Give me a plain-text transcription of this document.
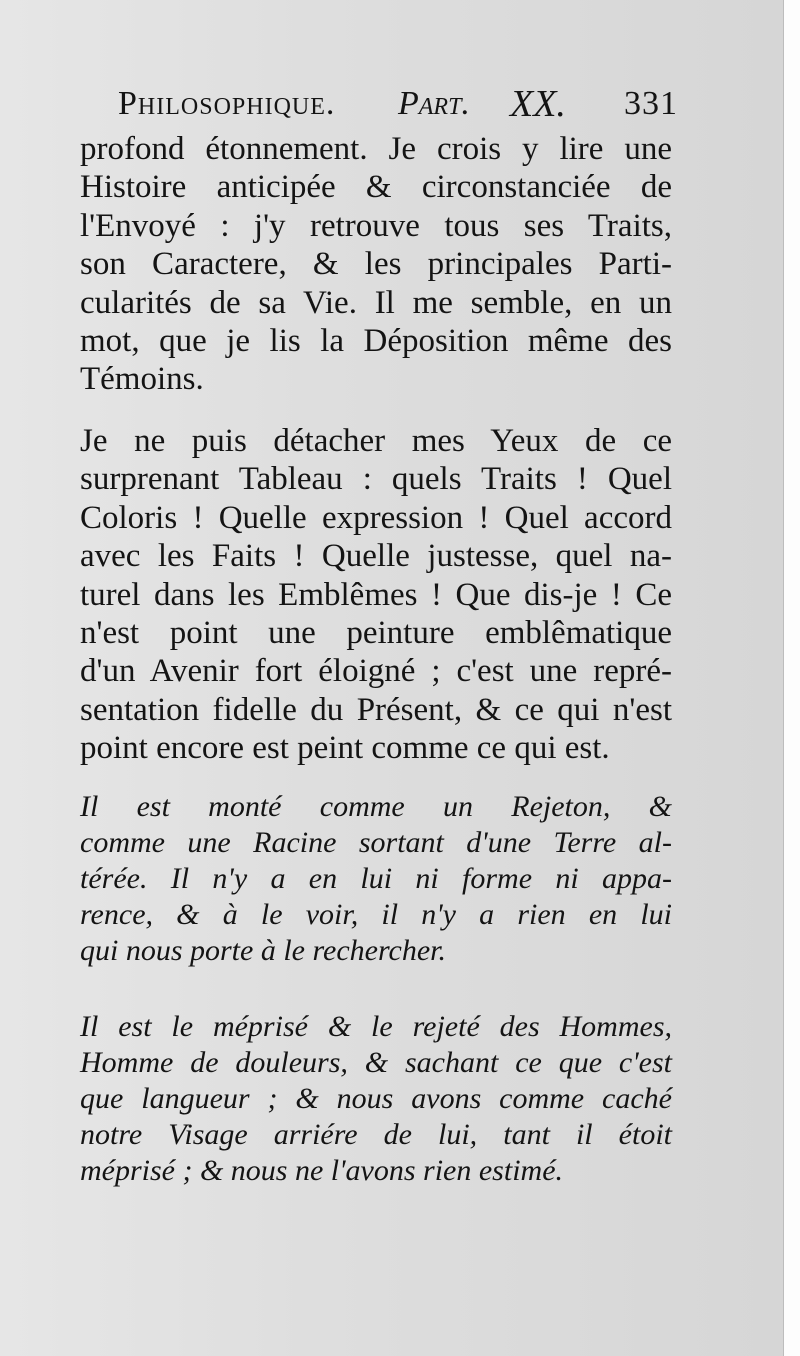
Philosophique. Part. XX. 331
profond étonnement. Je crois y lire une
Histoire anticipée & circonstanciée de
l'Envoyé : j'y retrouve tous ses Traits,
son Caractere, & les principales Parti-
cularités de sa Vie. Il me semble, en un
mot, que je lis la Déposition même des
Témoins.
Je ne puis détacher mes Yeux de ce
surprenant Tableau : quels Traits ! Quel
Coloris ! Quelle expression ! Quel accord
avec les Faits ! Quelle justesse, quel na-
turel dans les Emblêmes ! Que dis-je ! Ce
n'est point une peinture emblêmatique
d'un Avenir fort éloigné ; c'est une repré-
sentation fidelle du Présent, & ce qui n'est
point encore est peint comme ce qui est.
Il est monté comme un Rejeton, &
comme une Racine sortant d'une Terre al-
térée. Il n'y a en lui ni forme ni appa-
rence, & à le voir, il n'y a rien en lui
qui nous porte à le rechercher.
Il est le méprisé & le rejeté des Hommes,
Homme de douleurs, & sachant ce que c'est
que langueur ; & nous avons comme caché
notre Visage arriére de lui, tant il étoit
méprisé ; & nous ne l'avons rien estimé.
